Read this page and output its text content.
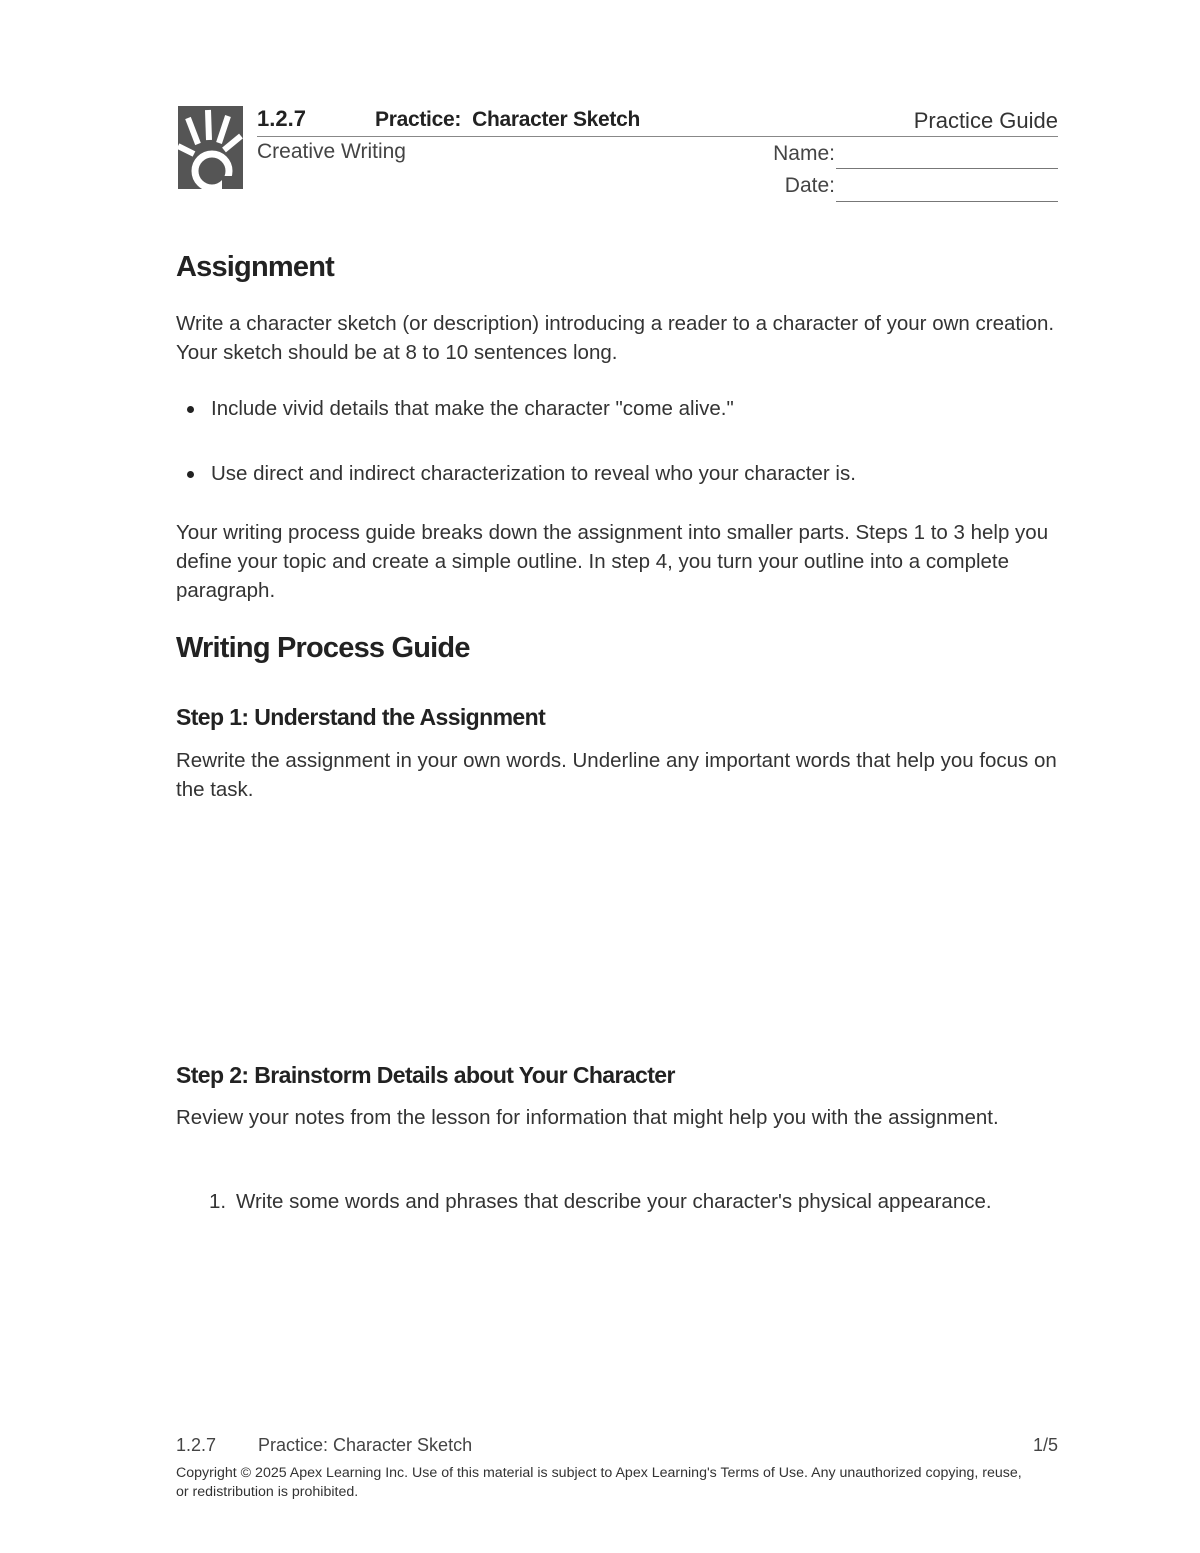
1.2.7	Practice:  Character Sketch	Practice Guide
Creative Writing	Name:
Date:
Assignment
Write a character sketch (or description) introducing a reader to a character of your own creation. Your sketch should be at 8 to 10 sentences long.
Include vivid details that make the character "come alive."
Use direct and indirect characterization to reveal who your character is.
Your writing process guide breaks down the assignment into smaller parts. Steps 1 to 3 help you define your topic and create a simple outline. In step 4, you turn your outline into a complete paragraph.
Writing Process Guide
Step 1: Understand the Assignment
Rewrite the assignment in your own words. Underline any important words that help you focus on the task.
Step 2: Brainstorm Details about Your Character
Review your notes from the lesson for information that might help you with the assignment.
1. Write some words and phrases that describe your character's physical appearance.
1.2.7 Practice: Character Sketch	1/5
Copyright © 2025 Apex Learning Inc. Use of this material is subject to Apex Learning's Terms of Use. Any unauthorized copying, reuse, or redistribution is prohibited.
